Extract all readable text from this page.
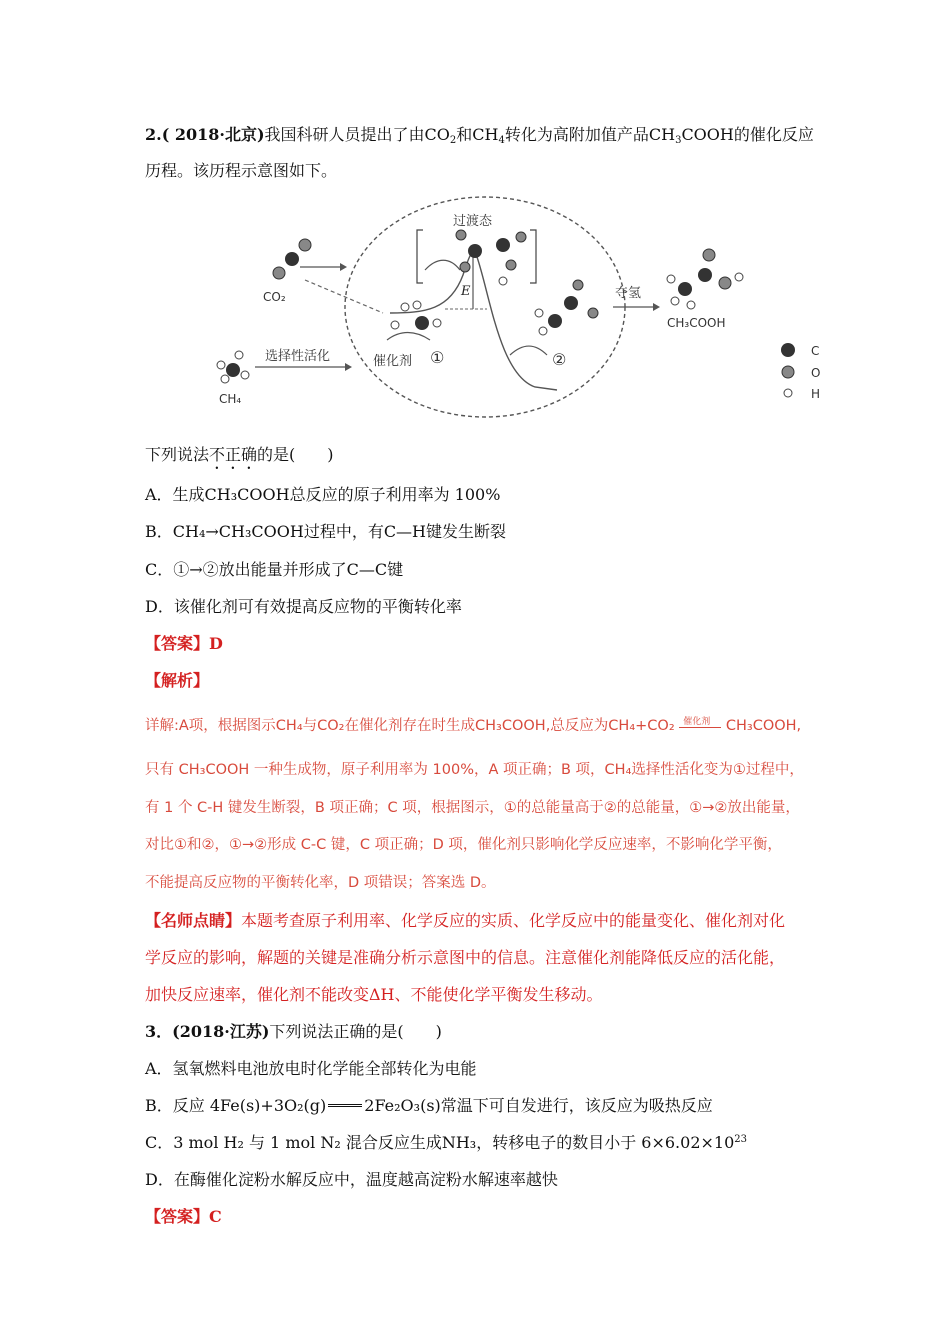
2.( 2018·北京)我国科研人员提出了由$CO_2$和$CH_4$转化为高附加值产品$CH_3COOH$的催化反应
历程。该历程示意图如下。
过渡态
E
CO₂
CH₄
选择性活化	催化剂 ①	②
夺氢
CH₃COOH
C
O
H
下列说法不正确的是(　　)
A．生成CH₃COOH总反应的原子利用率为 100%
B．CH₄→CH₃COOH过程中，有C—H键发生断裂
C．①→②放出能量并形成了C—C键
D．该催化剂可有效提高反应物的平衡转化率
【答案】D
【解析】
详解:A项，根据图示CH₄与CO₂在催化剂存在时生成CH₃COOH,总反应为CH₄+CO₂ 催化剂 CH₃COOH,
只有 CH₃COOH 一种生成物，原子利用率为 100%，A 项正确；B 项，CH₄选择性活化变为①过程中，
有 1 个 C-H 键发生断裂，B 项正确；C 项，根据图示，①的总能量高于②的总能量，①→②放出能量，
对比①和②，①→②形成 C-C 键，C 项正确；D 项，催化剂只影响化学反应速率，不影响化学平衡，
不能提高反应物的平衡转化率，D 项错误；答案选 D。
【名师点睛】本题考查原子利用率、化学反应的实质、化学反应中的能量变化、催化剂对化
学反应的影响，解题的关键是准确分析示意图中的信息。注意催化剂能降低反应的活化能，
加快反应速率，催化剂不能改变ΔH、不能使化学平衡发生移动。
3．(2018·江苏)下列说法正确的是(　　)
A．氢氧燃料电池放电时化学能全部转化为电能
B．反应 4Fe(s)+3O₂(g) 2Fe₂O₃(s)常温下可自发进行，该反应为吸热反应
C．3 mol H₂ 与 1 mol N₂ 混合反应生成NH₃，转移电子的数目小于 $6\times 6.02\times 10^{23}$
D．在酶催化淀粉水解反应中，温度越高淀粉水解速率越快
【答案】C
